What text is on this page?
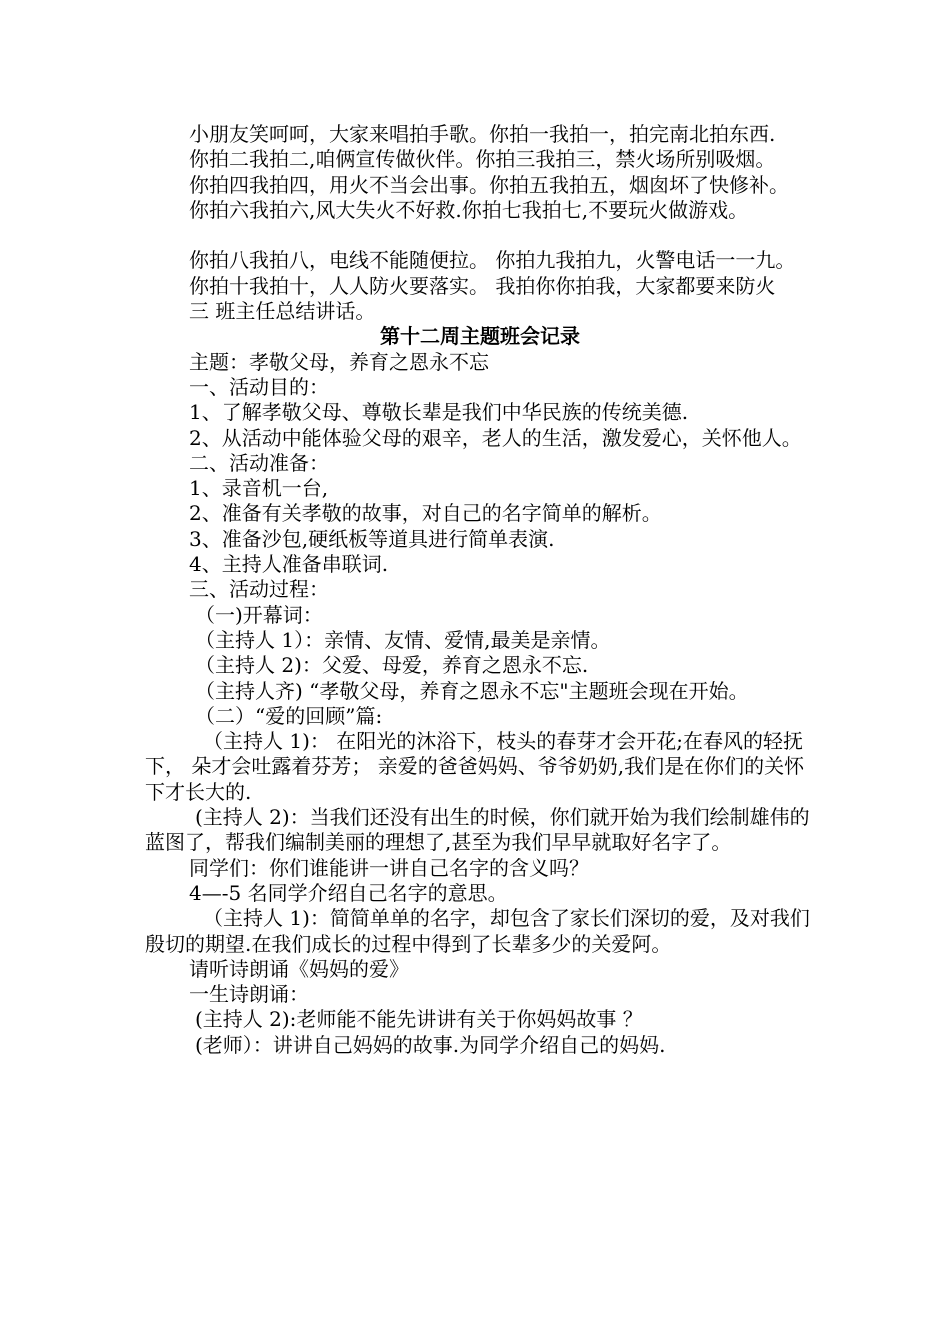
小朋友笑呵呵，大家来唱拍手歌。你拍一我拍一，拍完南北拍东西.

你拍二我拍二,咱俩宣传做伙伴。你拍三我拍三，禁火场所别吸烟。

你拍四我拍四，用火不当会出事。你拍五我拍五，烟囱坏了快修补。

你拍六我拍六,风大失火不好救.你拍七我拍七,不要玩火做游戏。

你拍八我拍八，电线不能随便拉。 你拍九我拍九，火警电话一一九。

你拍十我拍十，人人防火要落实。 我拍你你拍我，大家都要来防火

三 班主任总结讲话。

第十二周主题班会记录

主题：孝敬父母，养育之恩永不忘

一、活动目的：

1、了解孝敬父母、尊敬长辈是我们中华民族的传统美德.

2、从活动中能体验父母的艰辛，老人的生活，激发爱心，关怀他人。

二、活动准备：

1、录音机一台,

2、准备有关孝敬的故事，对自己的名字简单的解析。

3、准备沙包,硬纸板等道具进行简单表演.

4、主持人准备串联词.

三、活动过程：

（一)开幕词：

（主持人 1）：亲情、友情、爱情,最美是亲情。

（主持人 2)：父爱、母爱，养育之恩永不忘.

（主持人齐) “孝敬父母，养育之恩永不忘"主题班会现在开始。

（二）“爱的回顾”篇:

（主持人 1)： 在阳光的沐浴下，枝头的春芽才会开花;在春风的轻抚下， 朵才会吐露着芬芳； 亲爱的爸爸妈妈、爷爷奶奶,我们是在你们的关怀下才长大的.

(主持人 2)：当我们还没有出生的时候，你们就开始为我们绘制雄伟的蓝图了，帮我们编制美丽的理想了,甚至为我们早早就取好名字了。

同学们：你们谁能讲一讲自己名字的含义吗？

4—-5 名同学介绍自己名字的意思。

（主持人 1)：简简单单的名字，却包含了家长们深切的爱，及对我们殷切的期望.在我们成长的过程中得到了长辈多少的关爱阿。

请听诗朗诵《妈妈的爱》

一生诗朗诵：

(主持人 2):老师能不能先讲讲有关于你妈妈故事 ？

(老师）：讲讲自己妈妈的故事.为同学介绍自己的妈妈.
